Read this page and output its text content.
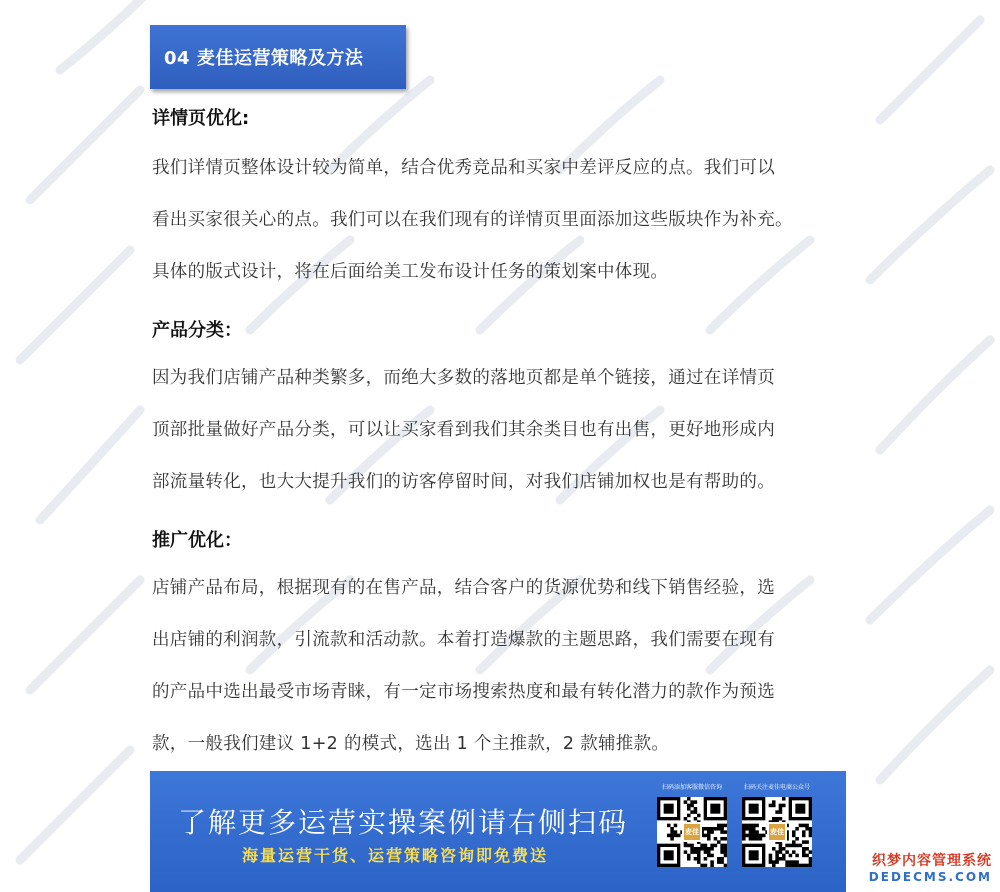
04 麦佳运营策略及方法
详情页优化:
我们详情页整体设计较为简单，结合优秀竞品和买家中差评反应的点。我们可以
看出买家很关心的点。我们可以在我们现有的详情页里面添加这些版块作为补充。
具体的版式设计，将在后面给美工发布设计任务的策划案中体现。
产品分类：
因为我们店铺产品种类繁多，而绝大多数的落地页都是单个链接，通过在详情页
顶部批量做好产品分类，可以让买家看到我们其余类目也有出售，更好地形成内
部流量转化，也大大提升我们的访客停留时间，对我们店铺加权也是有帮助的。
推广优化：
店铺产品布局，根据现有的在售产品，结合客户的货源优势和线下销售经验，选
出店铺的利润款，引流款和活动款。本着打造爆款的主题思路，我们需要在现有
的产品中选出最受市场青睐，有一定市场搜索热度和最有转化潜力的款作为预选
款，一般我们建议 1+2 的模式，选出 1 个主推款，2 款辅推款。
了解更多运营实操案例请右侧扫码
海量运营干货、运营策略咨询即免费送
扫码添加客服微信咨询
麦佳
扫码关注麦佳电商公众号
麦佳
织梦内容管理系统
DEDECMS.COM
